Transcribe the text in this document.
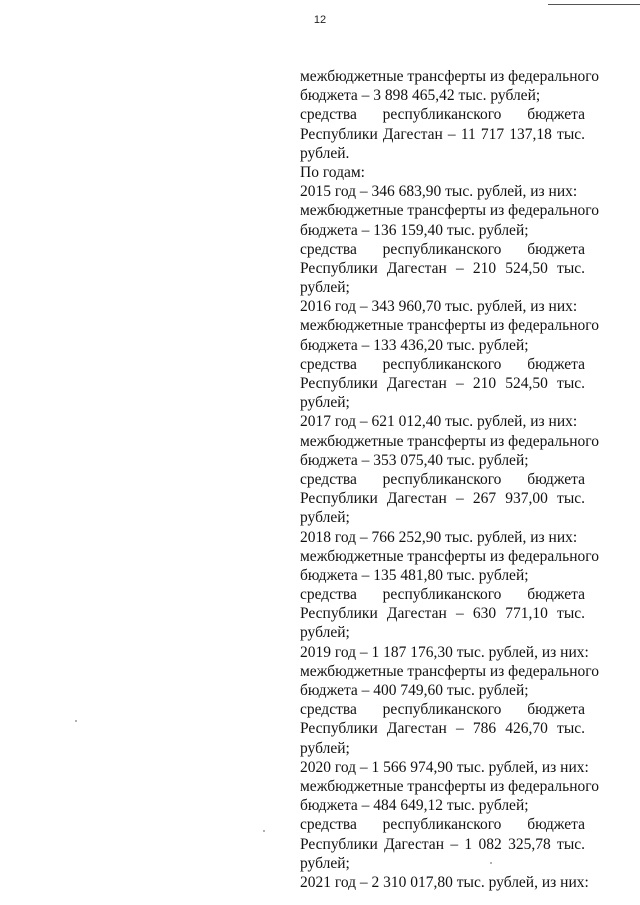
12
межбюджетные трансферты из федерального
бюджета – 3 898 465,42 тыс. рублей;
средства республиканского бюджета
Республики Дагестан – 11 717 137,18 тыс.
рублей.
По годам:
2015 год – 346 683,90 тыс. рублей, из них:
межбюджетные трансферты из федерального
бюджета – 136 159,40 тыс. рублей;
средства республиканского бюджета
Республики Дагестан – 210 524,50 тыс.
рублей;
2016 год – 343 960,70 тыс. рублей, из них:
межбюджетные трансферты из федерального
бюджета – 133 436,20 тыс. рублей;
средства республиканского бюджета
Республики Дагестан – 210 524,50 тыс.
рублей;
2017 год – 621 012,40 тыс. рублей, из них:
межбюджетные трансферты из федерального
бюджета – 353 075,40 тыс. рублей;
средства республиканского бюджета
Республики Дагестан – 267 937,00 тыс.
рублей;
2018 год – 766 252,90 тыс. рублей, из них:
межбюджетные трансферты из федерального
бюджета – 135 481,80 тыс. рублей;
средства республиканского бюджета
Республики Дагестан – 630 771,10 тыс.
рублей;
2019 год – 1 187 176,30 тыс. рублей, из них:
межбюджетные трансферты из федерального
бюджета – 400 749,60 тыс. рублей;
средства республиканского бюджета
Республики Дагестан – 786 426,70 тыс.
рублей;
2020 год – 1 566 974,90 тыс. рублей, из них:
межбюджетные трансферты из федерального
бюджета – 484 649,12 тыс. рублей;
средства республиканского бюджета
Республики Дагестан – 1 082 325,78 тыс.
рублей;
2021 год – 2 310 017,80 тыс. рублей, из них:
